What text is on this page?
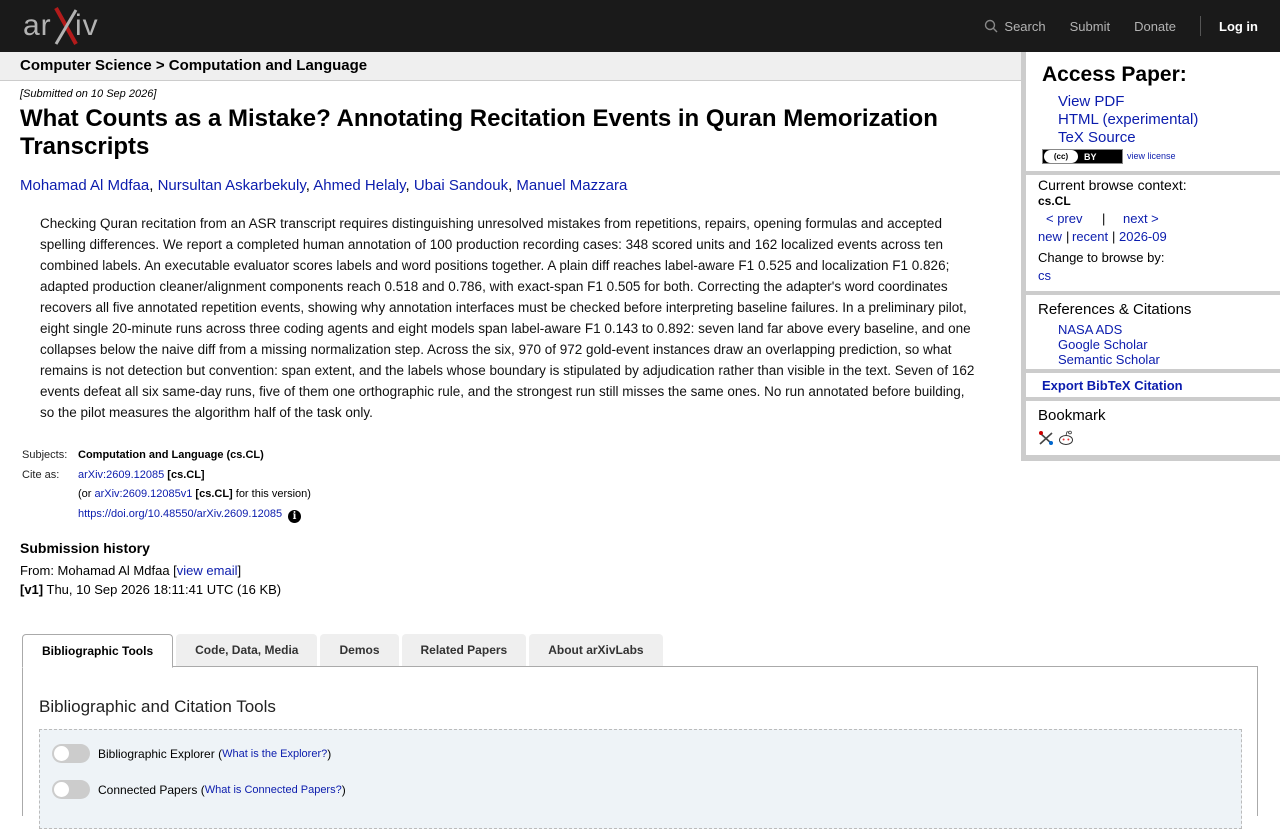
ar iv	Search Submit Donate	Log in
Computer Science > Computation and Language
[Submitted on 10 Sep 2026]
What Counts as a Mistake? Annotating Recitation Events in Quran Memorization Transcripts
Mohamad Al Mdfaa, Nursultan Askarbekuly, Ahmed Helaly, Ubai Sandouk, Manuel Mazzara
Checking Quran recitation from an ASR transcript requires distinguishing unresolved mistakes from repetitions, repairs, opening formulas and accepted spelling differences. We report a completed human annotation of 100 production recording cases: 348 scored units and 162 localized events across ten combined labels. An executable evaluator scores labels and word positions together. A plain diff reaches label-aware F1 0.525 and localization F1 0.826; adapted production cleaner/alignment components reach 0.518 and 0.786, with exact-span F1 0.505 for both. Correcting the adapter's word coordinates recovers all five annotated repetition events, showing why annotation interfaces must be checked before interpreting baseline failures. In a preliminary pilot, eight single 20-minute runs across three coding agents and eight models span label-aware F1 0.143 to 0.892: seven land far above every baseline, and one collapses below the naive diff from a missing normalization step. Across the six, 970 of 972 gold-event instances draw an overlapping prediction, so what remains is not detection but convention: span extent, and the labels whose boundary is stipulated by adjudication rather than visible in the text. Seven of 162 events defeat all six same-day runs, five of them one orthographic rule, and the strongest run still misses the same ones. No run annotated before building, so the pilot measures the algorithm half of the task only.
Subjects: Computation and Language (cs.CL)
Cite as: arXiv:2609.12085 [cs.CL]
(or arXiv:2609.12085v1 [cs.CL] for this version)
https://doi.org/10.48550/arXiv.2609.12085 i
Submission history
From: Mohamad Al Mdfaa [view email]
[v1] Thu, 10 Sep 2026 18:11:41 UTC (16 KB)
Bibliographic Tools	Code, Data, Media	Demos	Related Papers	About arXivLabs
Bibliographic and Citation Tools
Bibliographic Explorer ( What is the Explorer? )
Connected Papers ( What is Connected Papers? )
Access Paper:
View PDF
HTML (experimental)
TeX Source
(cc)	BY	view license
Current browse context:
cs.CL
< prev | next >
new | recent | 2026-09
Change to browse by:
cs
References & Citations
NASA ADS
Google Scholar
Semantic Scholar
Export BibTeX Citation
Bookmark
